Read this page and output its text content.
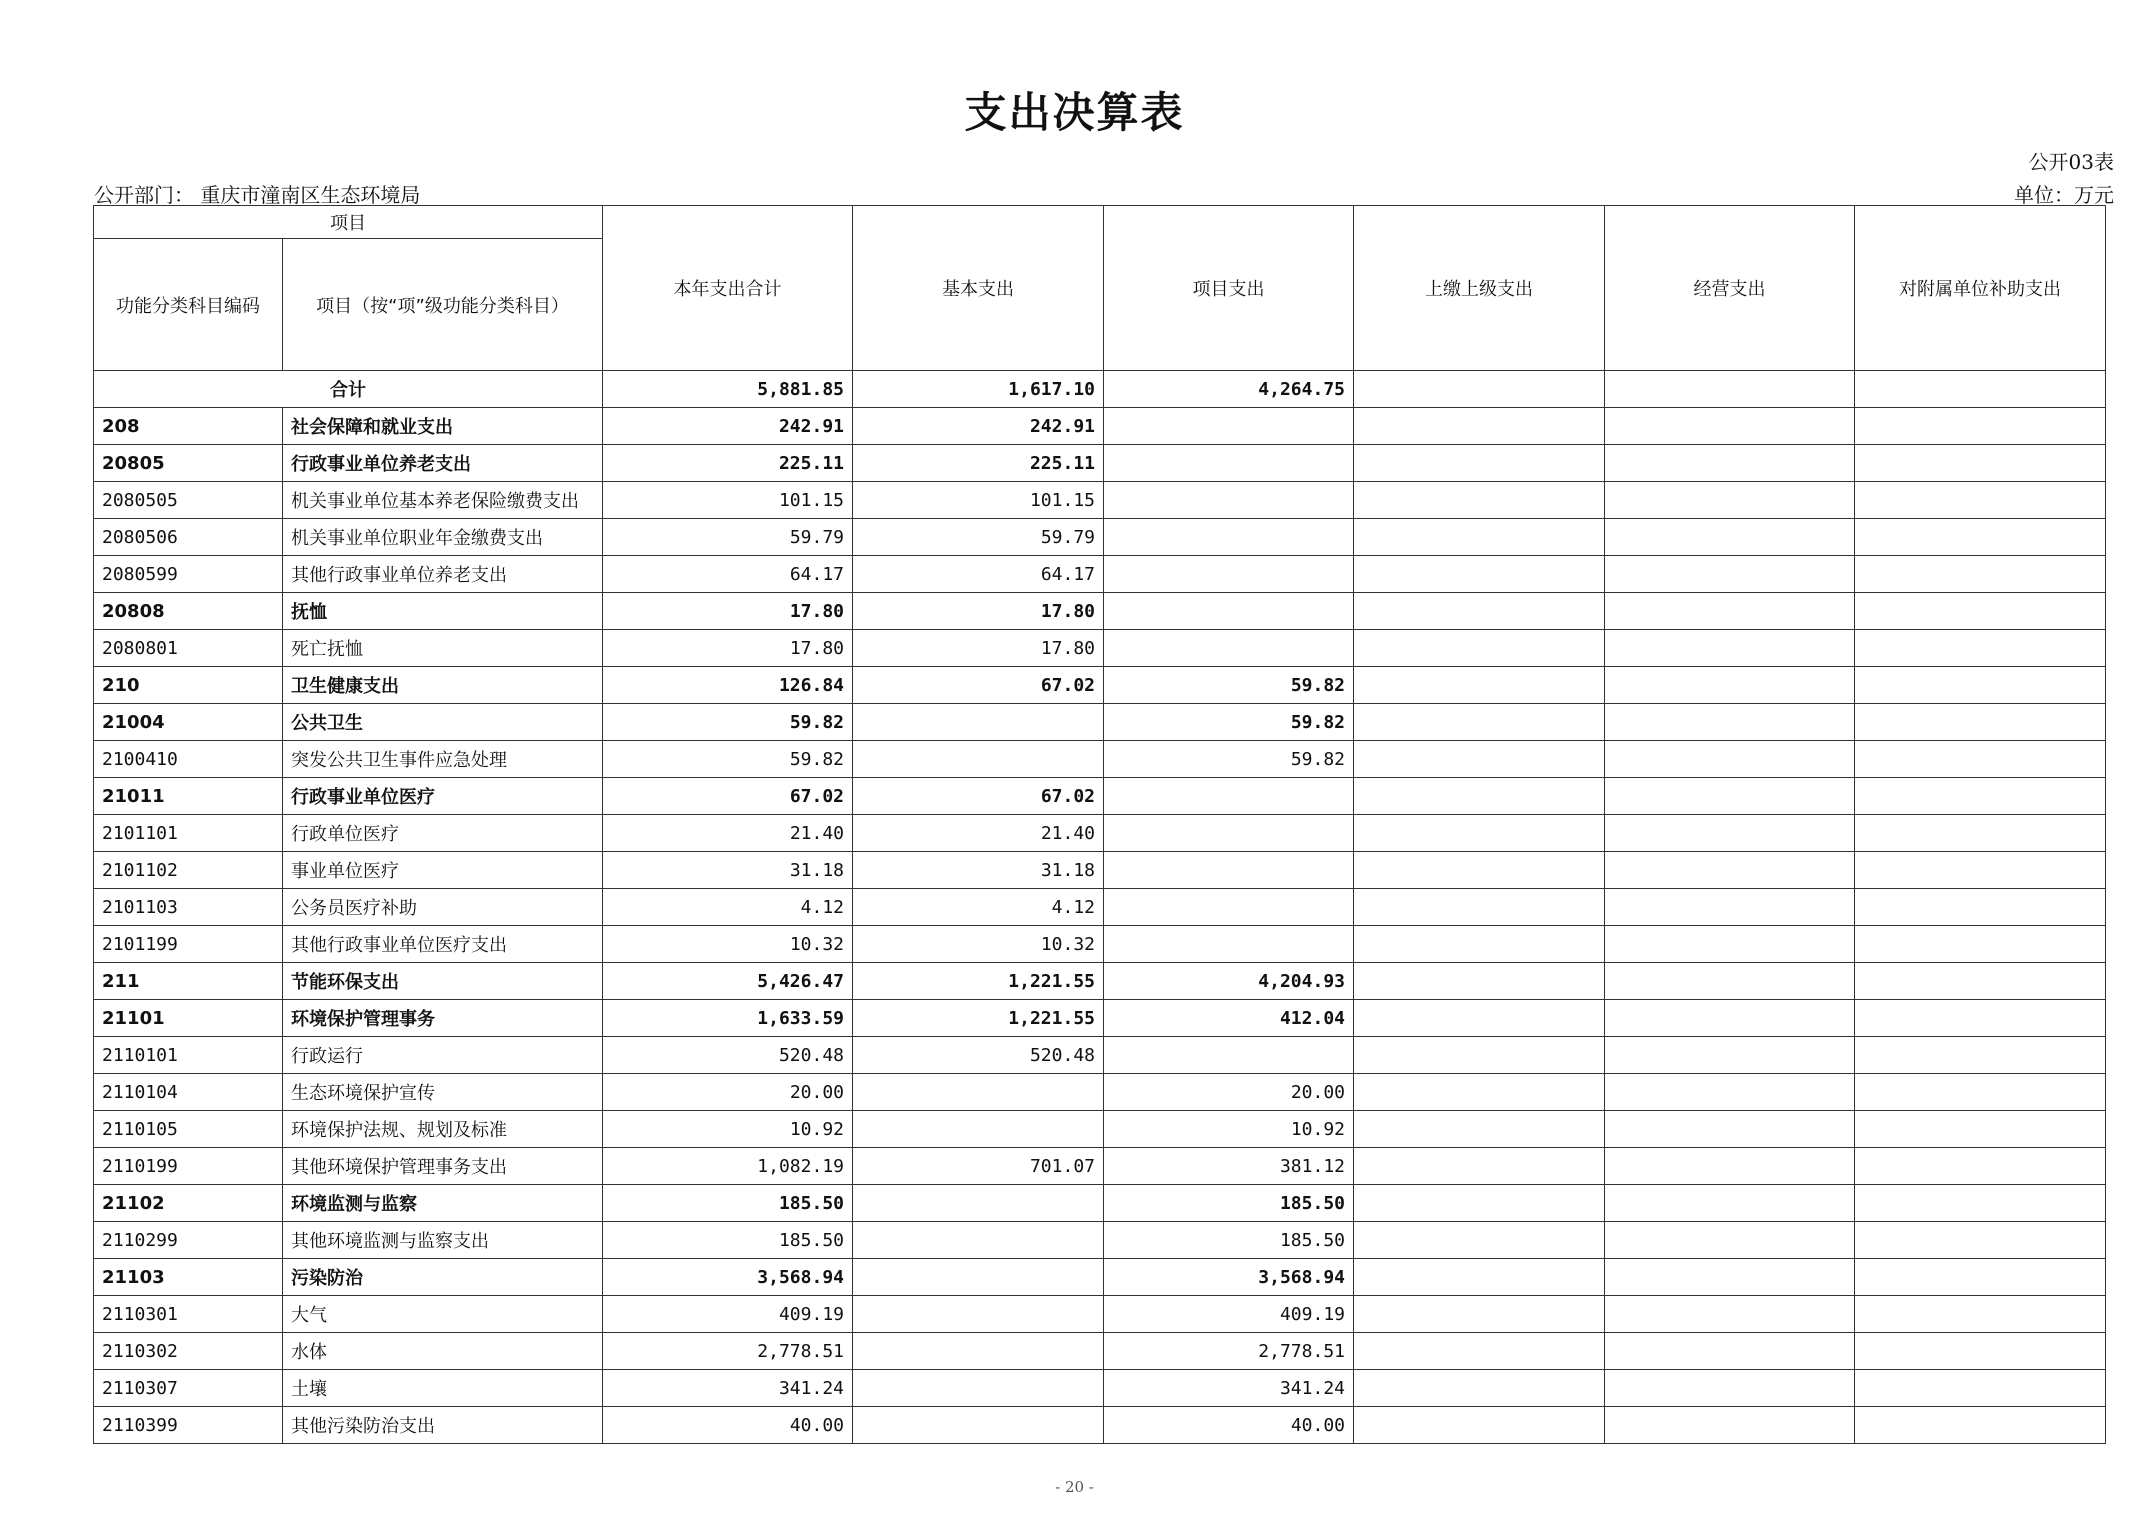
支出决算表
公开03表
公开部门： 重庆市潼南区生态环境局	单位：万元
项目		本年支出合计	基本支出	项目支出	上缴上级支出	经营支出	对附属单位补助支出
功能分类科目编码	项目（按“项”级功能分类科目）						
合计		5,881.85	1,617.10	4,264.75			
208	社会保障和就业支出	242.91	242.91				
20805	行政事业单位养老支出	225.11	225.11				
2080505	机关事业单位基本养老保险缴费支出	101.15	101.15				
2080506	机关事业单位职业年金缴费支出	59.79	59.79				
2080599	其他行政事业单位养老支出	64.17	64.17				
20808	抚恤	17.80	17.80				
2080801	死亡抚恤	17.80	17.80				
210	卫生健康支出	126.84	67.02	59.82			
21004	公共卫生	59.82		59.82			
2100410	突发公共卫生事件应急处理	59.82		59.82			
21011	行政事业单位医疗	67.02	67.02				
2101101	行政单位医疗	21.40	21.40				
2101102	事业单位医疗	31.18	31.18				
2101103	公务员医疗补助	4.12	4.12				
2101199	其他行政事业单位医疗支出	10.32	10.32				
211	节能环保支出	5,426.47	1,221.55	4,204.93			
21101	环境保护管理事务	1,633.59	1,221.55	412.04			
2110101	行政运行	520.48	520.48				
2110104	生态环境保护宣传	20.00		20.00			
2110105	环境保护法规、规划及标准	10.92		10.92			
2110199	其他环境保护管理事务支出	1,082.19	701.07	381.12			
21102	环境监测与监察	185.50		185.50			
2110299	其他环境监测与监察支出	185.50		185.50			
21103	污染防治	3,568.94		3,568.94			
2110301	大气	409.19		409.19			
2110302	水体	2,778.51		2,778.51			
2110307	土壤	341.24		341.24			
2110399	其他污染防治支出	40.00		40.00			
- 20 -
